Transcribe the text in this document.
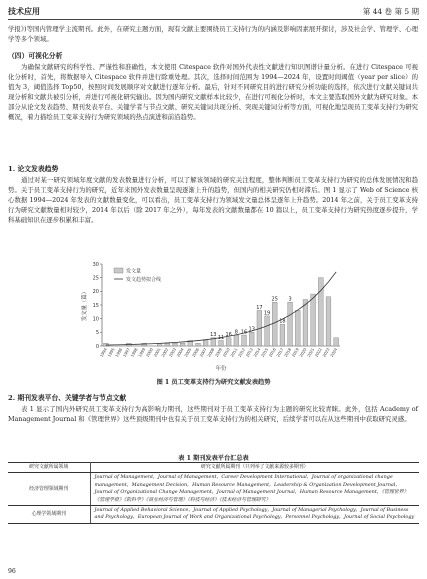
技术应用	第 44 卷 第 5 期
学报》)等国内管理学主流期刊。此外，在研究主题方面，现有文献主要围绕员工支持行为的内涵及影响因素展开探讨，涉及社会学、管理学、心理学等多个领域。
（四）可视化分析
为确保文献研究的科学性、严谨性和准确性，本文使用 Citespace 软件对国外代表性文献进行知识图谱计量分析。在进行 Citespace 可视化分析时，首先，将数据导入 Citespace 软件并进行除重处理。其次，选择时间范围为 1994—2024 年，设置时间阈值（year per slice）的值为 3，阈值选择 Top50，按照时间发展顺序对文献进行逐年分析。最后，针对不同研究目的进行研究分析功能的选择，依次进行文献关键词共现分析和文献共被引分析，并进行可视化研究输出。因为国内研究文献样本比较少，在进行可视化分析时，本文主要选取国外文献为研究对象。本部分从论文发表趋势、期刊发表平台、关键学者与节点文献、研究关键词共现分析、突现关键词分析等方面，可视化地呈现员工变革支持行为研究概况，着力描绘员工变革支持行为研究领域的热点演进和前沿趋势。
1. 论文发表趋势
通过对某一研究领域年度文献的发表数量进行分析，可以了解该领域的研究关注程度，整体判断员工变革支持行为研究的总体发展情况和趋势。关于员工变革支持行为的研究，近年来国外发表数量呈现逐渐上升的趋势，但国内的相关研究仍相对滞后。图 1 显示了 Web of Science 核心数据 1994—2024 年发表的文献数量变化，可以看出，员工变革支持行为领域发文量总体呈逐年上升趋势。2014 年之前，关于员工变革支持行为研究文献数量相对较少，2014 年以后（除 2017 年之外），每年发表的文献数量都在 10 篇以上，员工变革支持行为研究热度逐步提升，学科基础知识在逐步积累和丰富。
0
5
10
15
20
25
30
发文量（篇）
年份
1994
1995
1996
1997
1998
1999
2000
2001
2002
2003
2004
2005
2006
2007
2008
2009
2010
2011
2012
2013
2014
2015
2016
2017
2018
2019
2020
2021
2022
2023
2024
13 11 16 8 16 13
17
19
25
18
3
发文量
发文趋势拟合线
图 1 员工变革支持行为研究文献发表趋势
2. 期刊发表平台、关键学者与节点文献
表 1 显示了国内外研究员工变革支持行为高影响力期刊，这些期刊对于员工变革支持行为主题的研究比较青睐。此外，包括 Academy of Management Journal 和《管理世界》这些顶级期刊中也有关于员工变革支持行为的相关研究，后续学者可以在从这些期刊中获取研究灵感。
表 1 期刊发表平台汇总表
研究文献所属领域	研究文献所属期刊（只列举了文献来源较多期刊）
经济管理领域期刊	Journal of Management，Journal of Management，Career Development International，Journal of organizational change management，Management Decision，Human Resource Management，Leadership & Organization Development Journal，Journal of Organizational Change Management，Journal of Management Journal，Human Resource Management，《管理世界》《管理学报》《软科学》《商业经济与管理》《科技与经济》《技术经济与管理研究》
心理学领域期刊	Journal of Applied Behavioral Science，Journal of Applied Psychology，Journal of Managerial Psychology，Journal of Business and Psychology，European Journal of Work and Organizational Psychology，Personnel Psychology，Journal of Social Psychology
96
